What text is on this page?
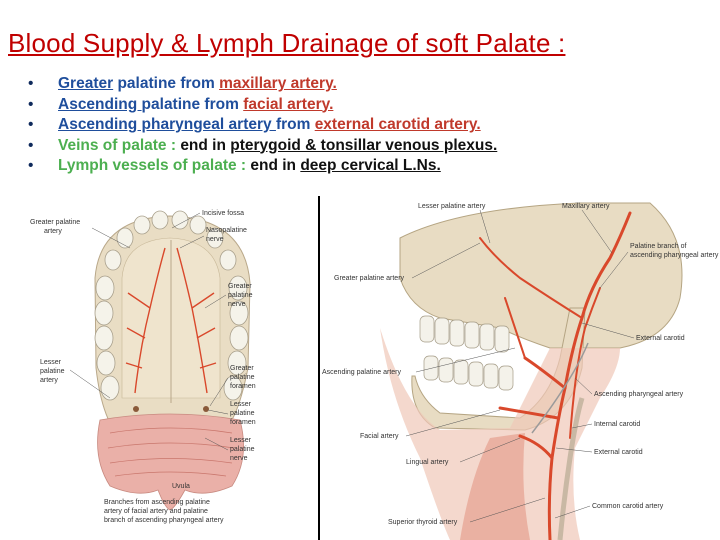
Blood Supply & Lymph Drainage of soft Palate :
• Greater palatine from maxillary artery.
• Ascending palatine from facial artery.
• Ascending pharyngeal artery from external carotid artery.
• Veins of palate : end in pterygoid & tonsillar venous plexus.
• Lymph vessels of palate : end in deep cervical L.Ns.
Greater palatine
artery
Lesser
palatine
artery
Branches from ascending palatine
artery of facial artery and palatine
branch of ascending pharyngeal artery
Incisive fossa
Nasopalatine
nerve
Greater
palatine
nerve
Greater
palatine
foramen
Lesser
palatine
foramen
Lesser
palatine
nerve
Uvula
Lesser palatine artery	Maxillary artery
Palatine branch of
ascending pharyngeal artery
Greater palatine artery
External carotid
Ascending palatine artery
Ascending pharyngeal artery
Internal carotid
Facial artery
External carotid
Lingual artery
Common carotid artery
Superior thyroid artery
